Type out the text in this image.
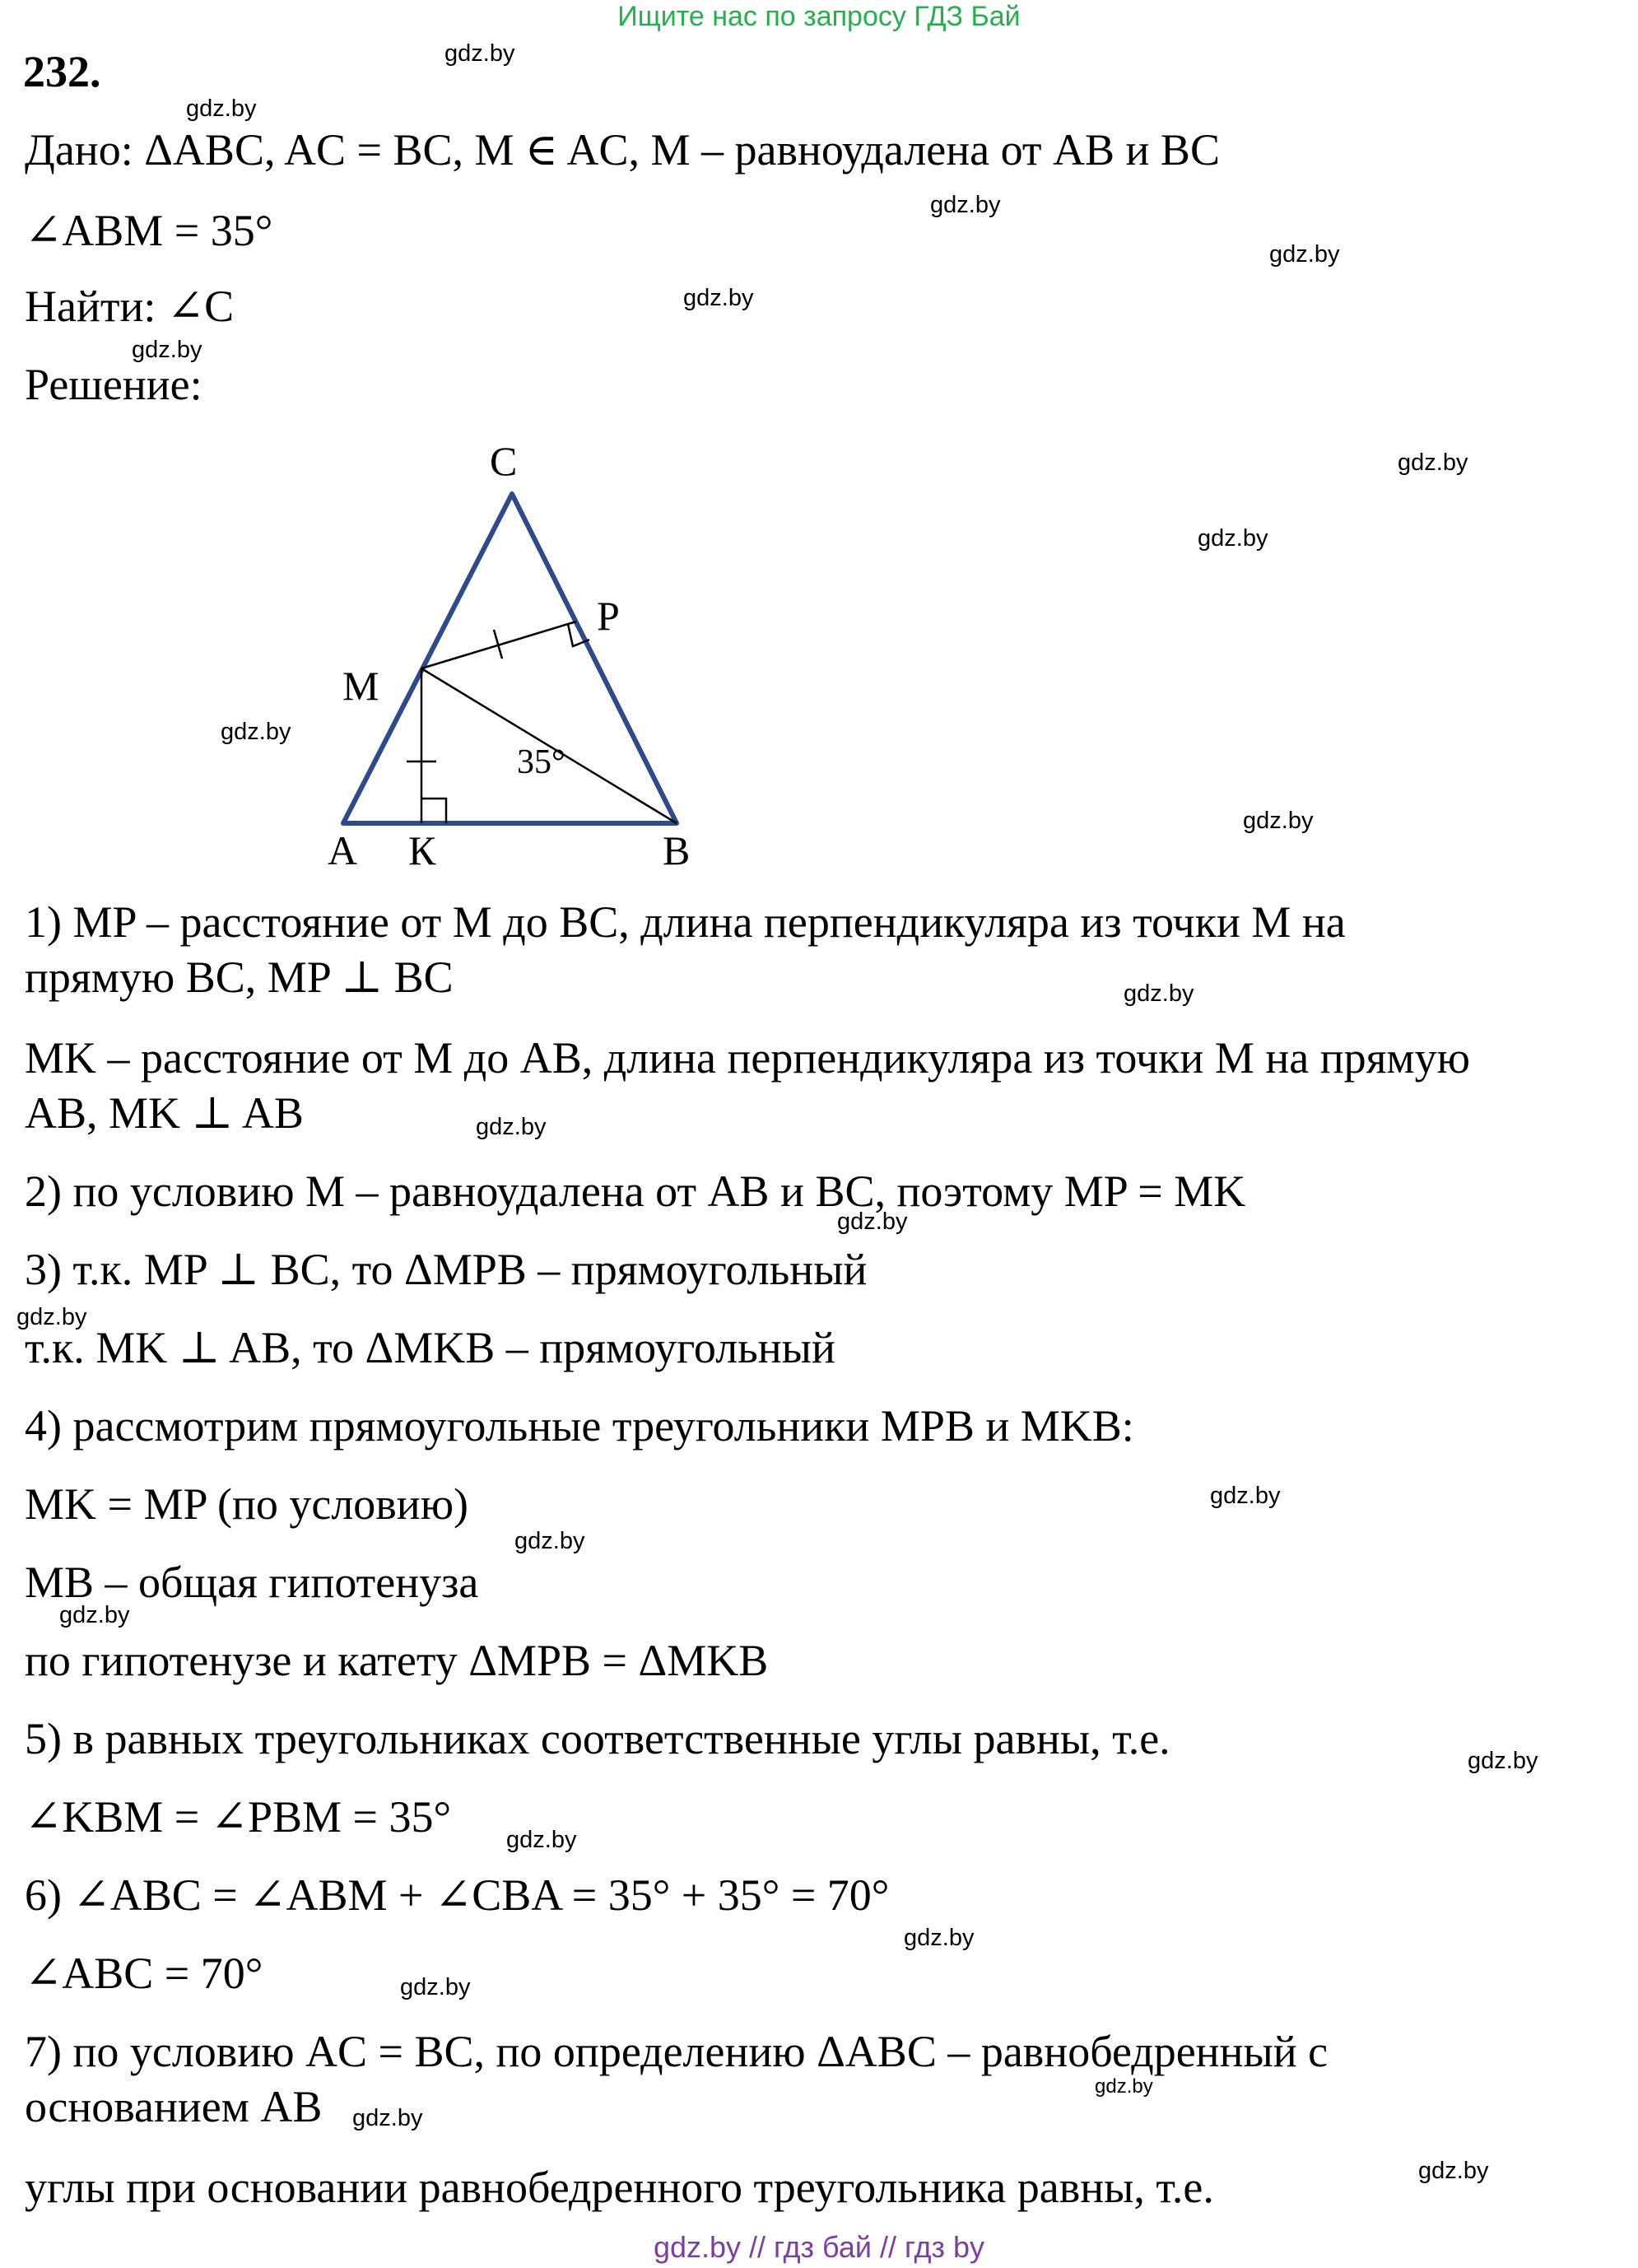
Ищите нас по запросу ГДЗ Бай
gdz.by // гдз бай // гдз by
232.
Дано: ΔABC, AC = BC, M ∈ AC, M – равноудалена от AB и BC
∠ABM = 35°
Найти: ∠C
Решение:
C
P
M
A К	B
35°
1) MP – расстояние от M до BC, длина перпендикуляра из точки M на
прямую BC, MP ⊥ BC
MK – расстояние от M до AB, длина перпендикуляра из точки M на прямую
AB, MK ⊥ AB
2) по условию M – равноудалена от AB и BC, поэтому MP = MK
3) т.к. MP ⊥ BC, то ΔMPB – прямоугольный
т.к. MK ⊥ AB, то ΔMKB – прямоугольный
4) рассмотрим прямоугольные треугольники MPB и MKB:
MK = MP (по условию)
MB – общая гипотенуза
по гипотенузе и катету ΔMPB = ΔMKB
5) в равных треугольниках соответственные углы равны, т.е.
∠KBM = ∠PBM = 35°
6) ∠ABC = ∠ABM + ∠CBA = 35° + 35° = 70°
∠ABC = 70°
7) по условию AC = BC, по определению ΔABC – равнобедренный с
основанием AB
углы при основании равнобедренного треугольника равны, т.е.
gdz.by
gdz.by
gdz.by
gdz.by
gdz.by
gdz.by
gdz.by
gdz.by
gdz.by
gdz.by
gdz.by
gdz.by
gdz.by
gdz.by
gdz.by
gdz.by
gdz.by
gdz.by
gdz.by
gdz.by
gdz.by
gdz.by
gdz.by
gdz.by
